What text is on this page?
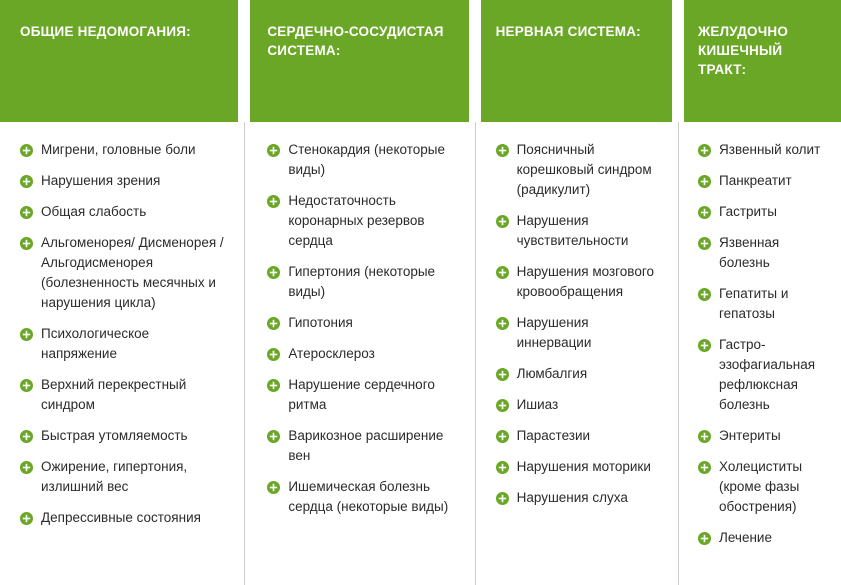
ОБЩИЕ НЕДОМОГАНИЯ:
Мигрени, головные боли
Нарушения зрения
Общая слабость
Альгоменорея/ Дисменорея /Альгодисменорея (болезненность месячных и нарушения цикла)
Психологическое напряжение
Верхний перекрестный синдром
Быстрая утомляемость
Ожирение, гипертония, излишний вес
Депрессивные состояния
СЕРДЕЧНО-СОСУДИСТАЯ СИСТЕМА:
Стенокардия (некоторые виды)
Недостаточность коронарных резервов сердца
Гипертония (некоторые виды)
Гипотония
Атеросклероз
Нарушение сердечного ритма
Варикозное расширение вен
Ишемическая болезнь сердца (некоторые виды)
НЕРВНАЯ СИСТЕМА:
Поясничный корешковый синдром (радикулит)
Нарушения чувствительности
Нарушения мозгового кровообращения
Нарушения иннервации
Люмбалгия
Ишиаз
Парастезии
Нарушения моторики
Нарушения слуха
ЖЕЛУДОЧНО КИШЕЧНЫЙ ТРАКТ:
Язвенный колит
Панкреатит
Гастриты
Язвенная болезнь
Гепатиты и гепатозы
Гастро-эзофагиальная рефлюксная болезнь
Энтериты
Холециститы (кроме фазы обострения)
Лечение
